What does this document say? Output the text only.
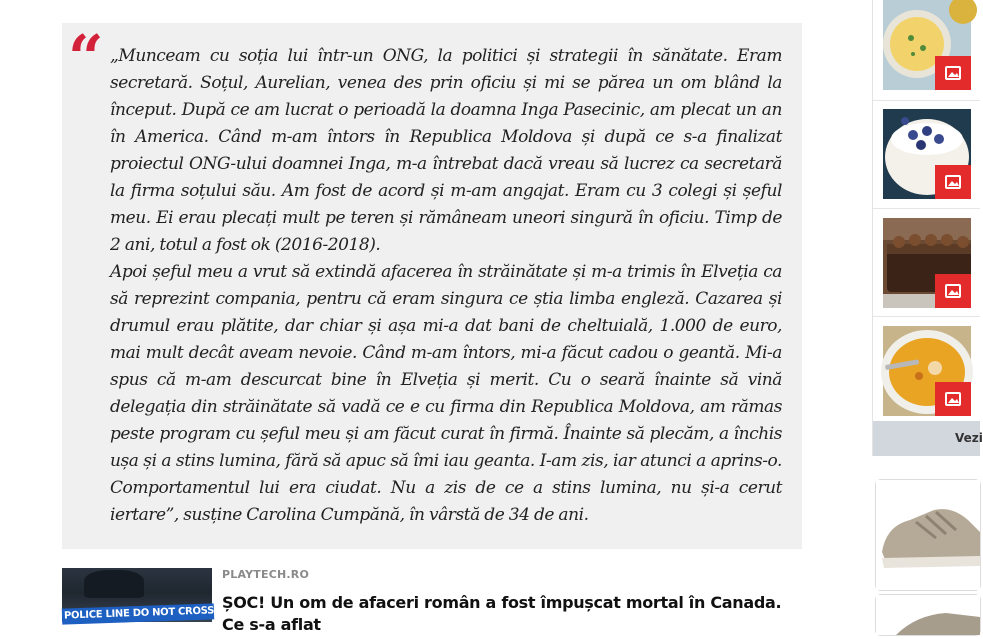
“ „Munceam cu soția lui într-un ONG, la politici și strategii în sănătate. Eram secretară. Soțul, Aurelian, venea des prin oficiu și mi se părea un om blând la început. După ce am lucrat o perioadă la doamna Inga Pasecinic, am plecat un an în America. Când m-am întors în Republica Moldova și după ce s-a finalizat proiectul ONG-ului doamnei Inga, m-a întrebat dacă vreau să lucrez ca secretară la firma soțului său. Am fost de acord și m-am angajat. Eram cu 3 colegi și șeful meu. Ei erau plecați mult pe teren și rămâneam uneori singură în oficiu. Timp de 2 ani, totul a fost ok (2016-2018).

Apoi șeful meu a vrut să extindă afacerea în străinătate și m-a trimis în Elveția ca să reprezint compania, pentru că eram singura ce știa limba engleză. Cazarea și drumul erau plătite, dar chiar și așa mi-a dat bani de cheltuială, 1.000 de euro, mai mult decât aveam nevoie. Când m-am întors, mi-a făcut cadou o geantă. Mi-a spus că m-am descurcat bine în Elveția și merit. Cu o seară înainte să vină delegația din străinătate să vadă ce e cu firma din Republica Moldova, am rămas peste program cu șeful meu și am făcut curat în firmă. Înainte să plecăm, a închis ușa și a stins lumina, fără să apuc să îmi iau geanta. I-am zis, iar atunci a aprins-o. Comportamentul lui era ciudat. Nu a zis de ce a stins lumina, nu și-a cerut iertare”, susține Carolina Cumpănă, în vârstă de 34 de ani.

POLICE LINE DO NOT CROSS
PLAYTECH.RO
ȘOC! Un om de afaceri român a fost împușcat mortal în Canada. Ce s-a aflat
Vezi
